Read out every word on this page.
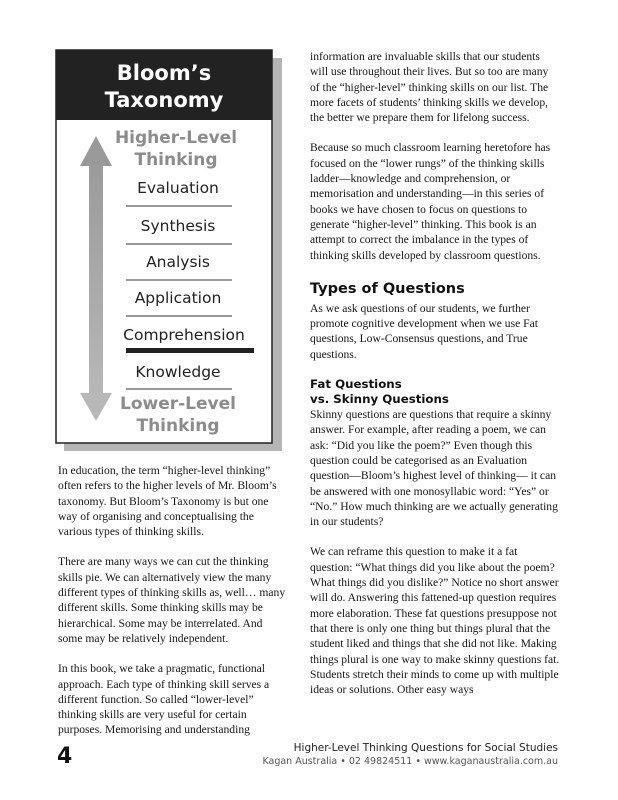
Bloom’s
Taxonomy
Higher-Level
Thinking
Evaluation
Synthesis
Analysis
Application
Comprehension
Knowledge
Lower-Level
Thinking

In education, the term “higher-level thinking” often refers to the higher levels of Mr. Bloom’s taxonomy. But Bloom’s Taxonomy is but one way of organising and conceptualising the various types of thinking skills.

There are many ways we can cut the thinking skills pie. We can alternatively view the many different types of thinking skills as, well… many different skills. Some thinking skills may be hierarchical. Some may be interrelated. And some may be relatively independent.

In this book, we take a pragmatic, functional approach. Each type of thinking skill serves a different function. So called “lower-level” thinking skills are very useful for certain purposes. Memorising and understanding

information are invaluable skills that our students will use throughout their lives. But so too are many of the “higher-level” thinking skills on our list. The more facets of students’ thinking skills we develop, the better we prepare them for lifelong success.

Because so much classroom learning heretofore has focused on the “lower rungs” of the thinking skills ladder—knowledge and comprehension, or memorisation and understanding—in this series of books we have chosen to focus on questions to generate “higher-level” thinking. This book is an attempt to correct the imbalance in the types of thinking skills developed by classroom questions.

Types of Questions

As we ask questions of our students, we further promote cognitive development when we use Fat questions, Low-Consensus questions, and True questions.

Fat Questions
vs. Skinny Questions

Skinny questions are questions that require a skinny answer. For example, after reading a poem, we can ask: “Did you like the poem?” Even though this question could be categorised as an Evaluation question—Bloom’s highest level of thinking— it can be answered with one monosyllabic word: “Yes” or “No.” How much thinking are we actually generating in our students?

We can reframe this question to make it a fat question: “What things did you like about the poem? What things did you dislike?” Notice no short answer will do. Answering this fattened-up question requires more elaboration. These fat questions presuppose not that there is only one thing but things plural that the student liked and things that she did not like. Making things plural is one way to make skinny questions fat. Students stretch their minds to come up with multiple ideas or solutions. Other easy ways

4	Higher-Level Thinking Questions for Social Studies
Kagan Australia • 02 49824511 • www.kaganaustralia.com.au
